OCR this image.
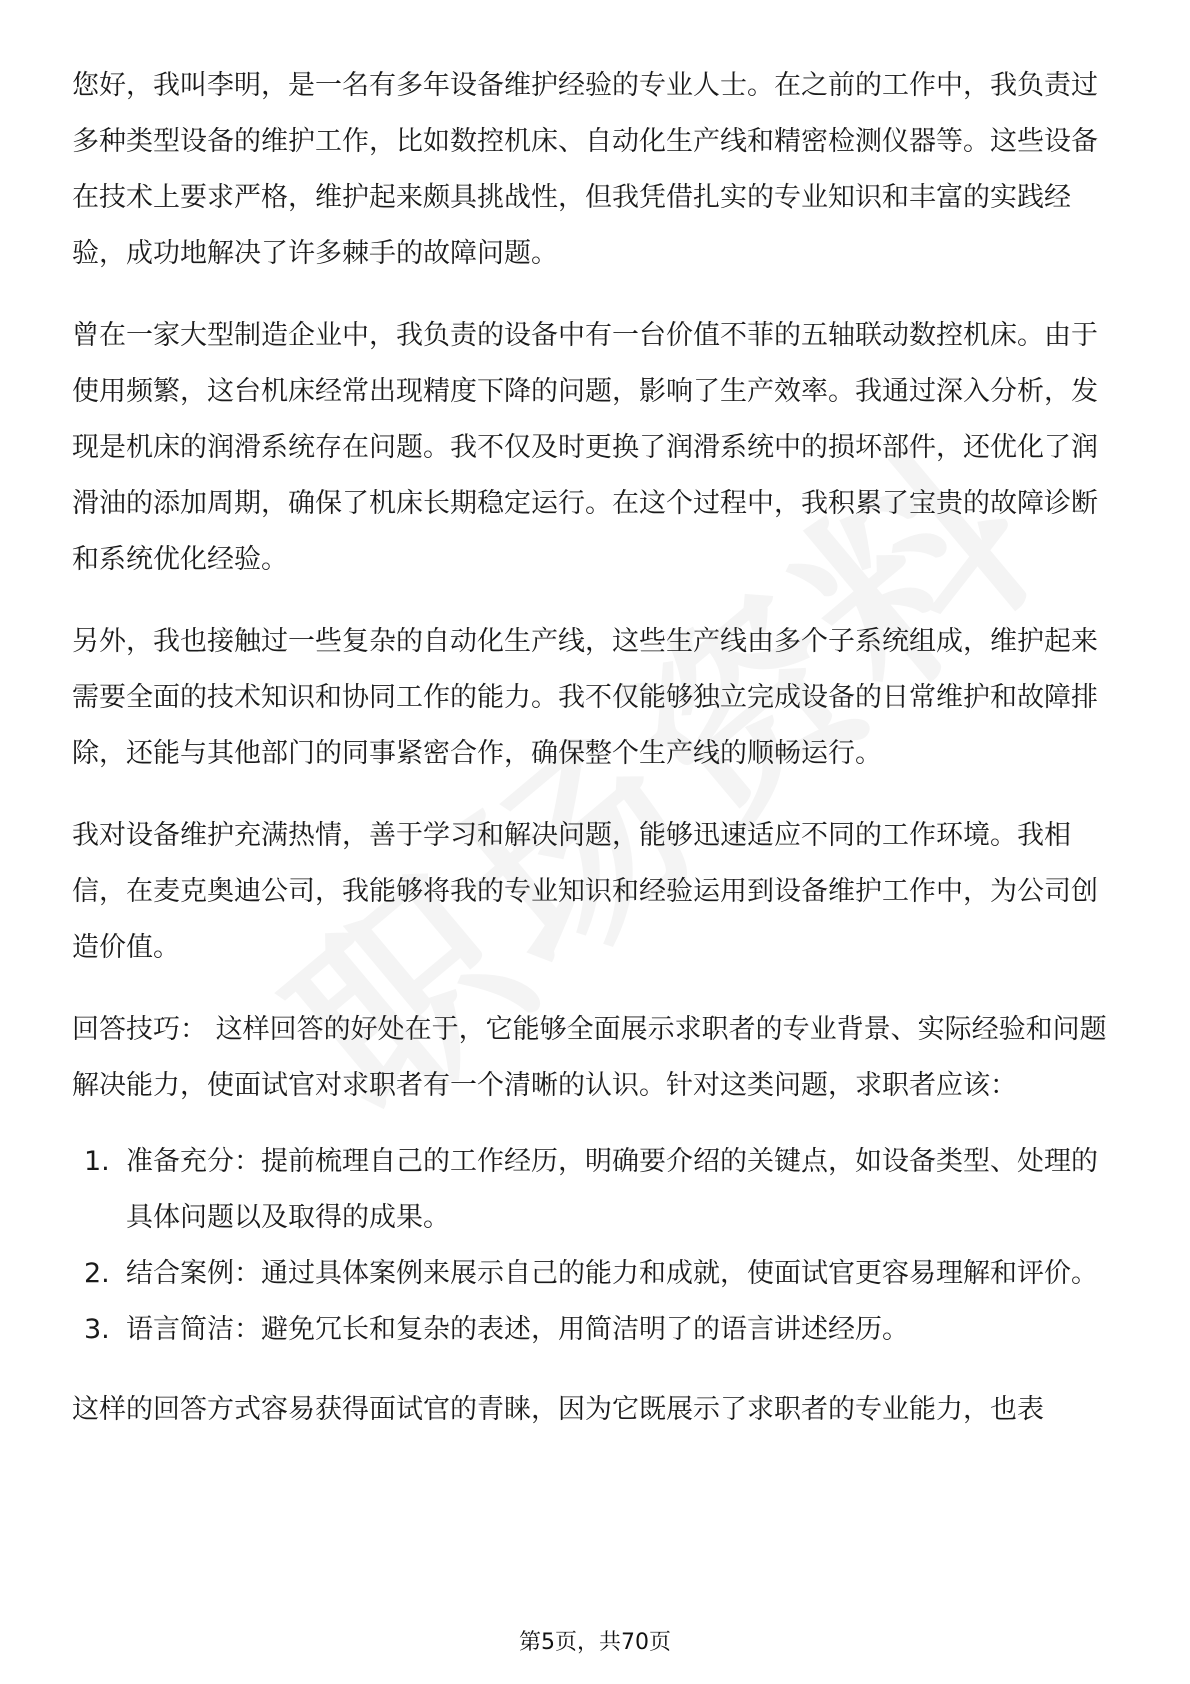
您好，我叫李明，是一名有多年设备维护经验的专业人士。在之前的工作中，我负责过多种类型设备的维护工作，比如数控机床、自动化生产线和精密检测仪器等。这些设备在技术上要求严格，维护起来颇具挑战性，但我凭借扎实的专业知识和丰富的实践经验，成功地解决了许多棘手的故障问题。

曾在一家大型制造企业中，我负责的设备中有一台价值不菲的五轴联动数控机床。由于使用频繁，这台机床经常出现精度下降的问题，影响了生产效率。我通过深入分析，发现是机床的润滑系统存在问题。我不仅及时更换了润滑系统中的损坏部件，还优化了润滑油的添加周期，确保了机床长期稳定运行。在这个过程中，我积累了宝贵的故障诊断和系统优化经验。

另外，我也接触过一些复杂的自动化生产线，这些生产线由多个子系统组成，维护起来需要全面的技术知识和协同工作的能力。我不仅能够独立完成设备的日常维护和故障排除，还能与其他部门的同事紧密合作，确保整个生产线的顺畅运行。

我对设备维护充满热情，善于学习和解决问题，能够迅速适应不同的工作环境。我相信，在麦克奥迪公司，我能够将我的专业知识和经验运用到设备维护工作中，为公司创造价值。

回答技巧： 这样回答的好处在于，它能够全面展示求职者的专业背景、实际经验和问题解决能力，使面试官对求职者有一个清晰的认识。针对这类问题，求职者应该：

1. 准备充分：提前梳理自己的工作经历，明确要介绍的关键点，如设备类型、处理的具体问题以及取得的成果。
2. 结合案例：通过具体案例来展示自己的能力和成就，使面试官更容易理解和评价。
3. 语言简洁：避免冗长和复杂的表述，用简洁明了的语言讲述经历。

这样的回答方式容易获得面试官的青睐，因为它既展示了求职者的专业能力，也表

第5页，共70页
